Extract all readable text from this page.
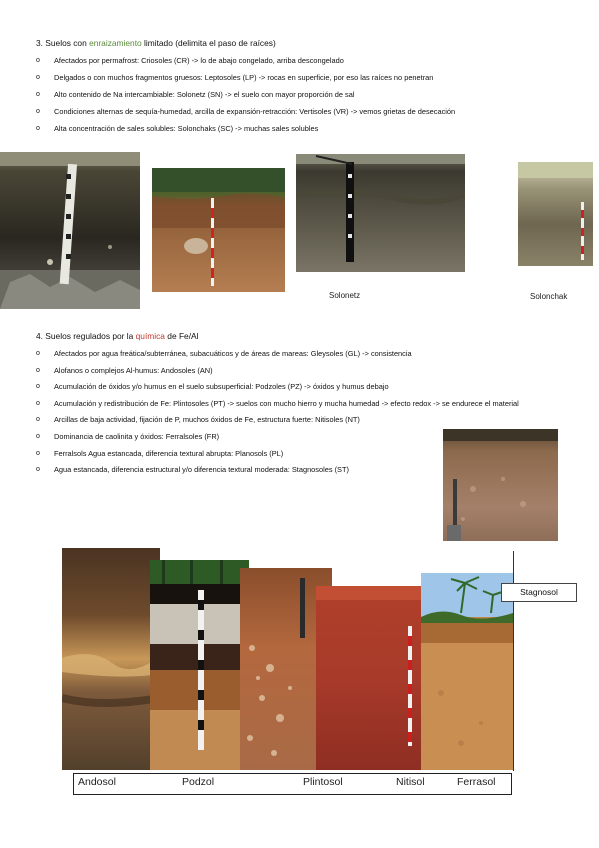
3. Suelos con enraizamiento limitado (delimita el paso de raíces)
o Afectados por permafrost: Criosoles (CR) -> lo de abajo congelado, arriba descongelado
o Delgados o con muchos fragmentos gruesos: Leptosoles (LP) -> rocas en superficie, por eso las raíces no penetran
o Alto contenido de Na intercambiable: Solonetz (SN) -> el suelo con mayor proporción de sal
o Condiciones alternas de sequía-humedad, arcilla de expansión-retracción: Vertisoles (VR) -> vemos grietas de desecación
o Alta concentración de sales solubles: Solonchaks (SC) -> muchas sales solubles
Solonetz	Solonchak
4. Suelos regulados por la química de Fe/Al
o Afectados por agua freática/subterránea, subacuáticos y de áreas de mareas: Gleysoles (GL) -> consistencia
o Alofanos o complejos Al-humus: Andosoles (AN)
o Acumulación de óxidos y/o humus en el suelo subsuperficial: Podzoles (PZ) -> óxidos y humus debajo
o Acumulación y redistribución de Fe: Plintosoles (PT) -> suelos con mucho hierro y mucha humedad -> efecto redox -> se endurece el material
o Arcillas de baja actividad, fijación de P, muchos óxidos de Fe, estructura fuerte: Nitisoles (NT)
o Dominancia de caolinita y óxidos: Ferralsoles (FR)
o Ferralsols Agua estancada, diferencia textural abrupta: Planosols (PL)
o Agua estancada, diferencia estructural y/o diferencia textural moderada: Stagnosoles (ST)
Stagnosol
Andosol	Podzol	Plintosol	Nitisol	Ferrasol
